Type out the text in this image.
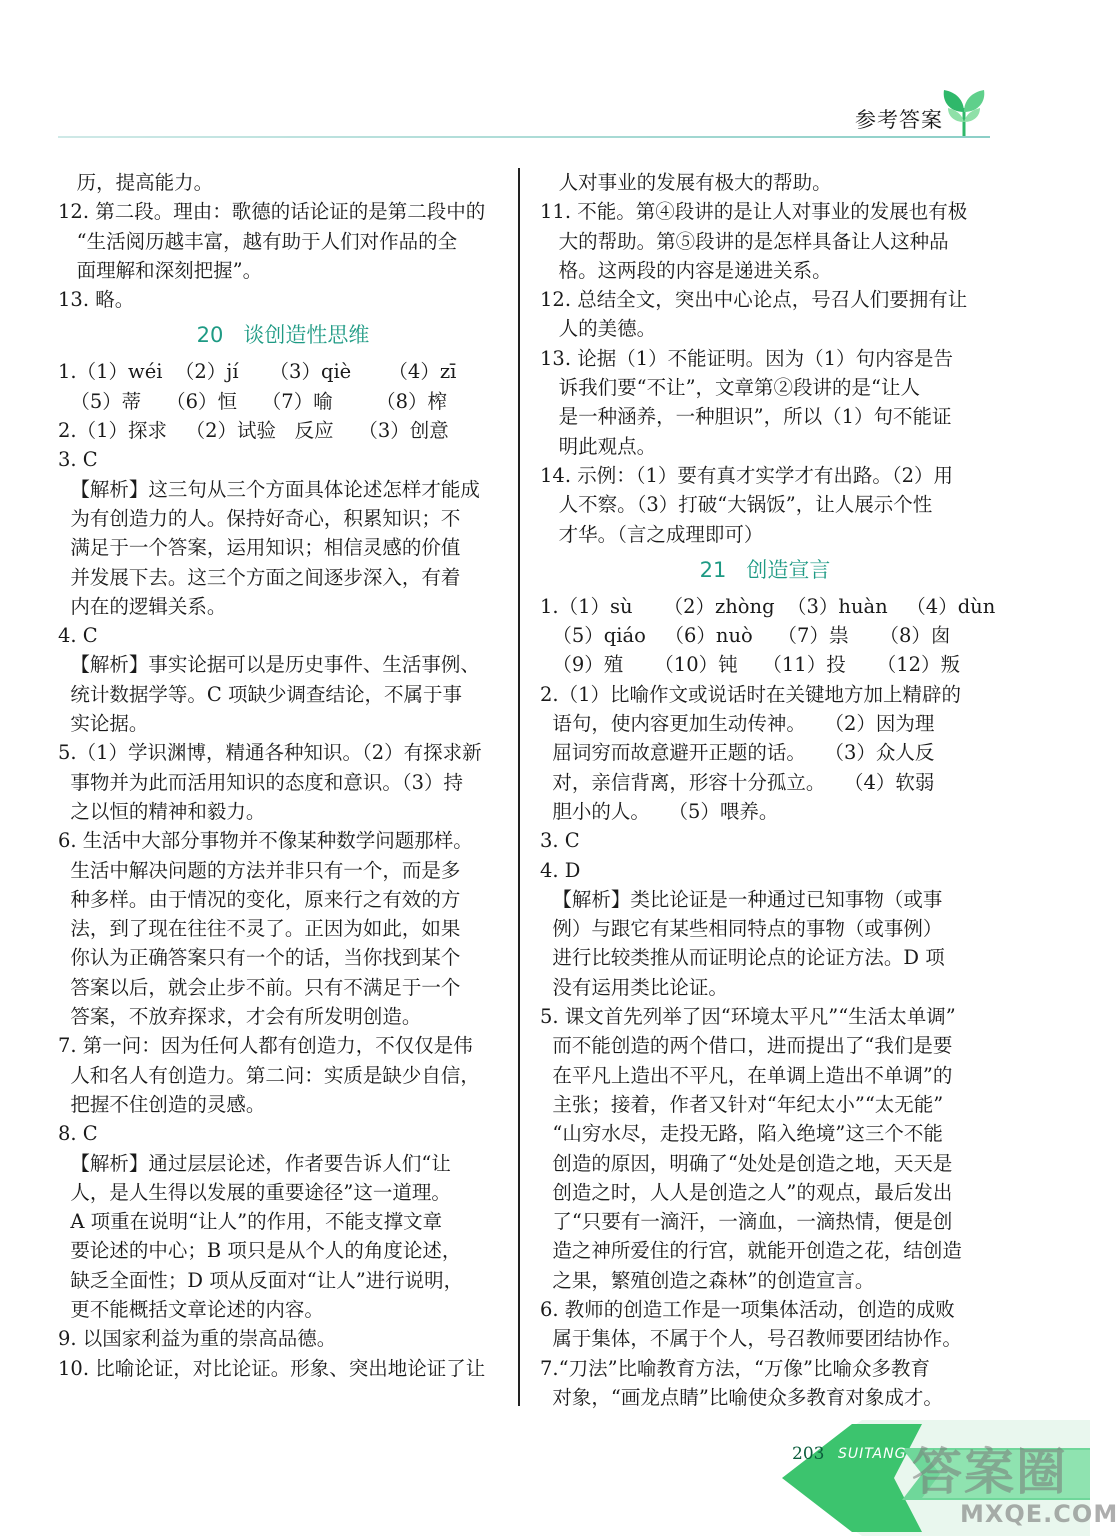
参考答案
历，提高能力。
12. 第二段。理由：歌德的话论证的是第二段中的
“生活阅历越丰富，越有助于人们对作品的全
面理解和深刻把握”。
13. 略。
20   谈创造性思维
1.（1）wéi  （2）jí     （3）qiè      （4）zī
（5）蒂    （6）恒    （7）喻       （8）榨
2.（1）探求   （2）试验   反应    （3）创意
3. C
【解析】这三句从三个方面具体论述怎样才能成
为有创造力的人。保持好奇心，积累知识；不
满足于一个答案，运用知识；相信灵感的价值
并发展下去。这三个方面之间逐步深入，有着
内在的逻辑关系。
4. C
【解析】事实论据可以是历史事件、生活事例、
统计数据学等。C 项缺少调查结论，不属于事
实论据。
5.（1）学识渊博，精通各种知识。（2）有探求新
事物并为此而活用知识的态度和意识。（3）持
之以恒的精神和毅力。
6. 生活中大部分事物并不像某种数学问题那样。
生活中解决问题的方法并非只有一个，而是多
种多样。由于情况的变化，原来行之有效的方
法，到了现在往往不灵了。正因为如此，如果
你认为正确答案只有一个的话，当你找到某个
答案以后，就会止步不前。只有不满足于一个
答案，不放弃探求，才会有所发明创造。
7. 第一问：因为任何人都有创造力，不仅仅是伟
人和名人有创造力。第二问：实质是缺少自信，
把握不住创造的灵感。
8. C
【解析】通过层层论述，作者要告诉人们“让
人，是人生得以发展的重要途径”这一道理。
A 项重在说明“让人”的作用，不能支撑文章
要论述的中心；B 项只是从个人的角度论述，
缺乏全面性；D 项从反面对“让人”进行说明，
更不能概括文章论述的内容。
9. 以国家利益为重的崇高品德。
10. 比喻论证，对比论证。形象、突出地论证了让
人对事业的发展有极大的帮助。
11. 不能。第④段讲的是让人对事业的发展也有极
大的帮助。第⑤段讲的是怎样具备让人这种品
格。这两段的内容是递进关系。
12. 总结全文，突出中心论点，号召人们要拥有让
人的美德。
13. 论据（1）不能证明。因为（1）句内容是告
诉我们要“不让”，文章第②段讲的是“让人
是一种涵养，一种胆识”，所以（1）句不能证
明此观点。
14. 示例：（1）要有真才实学才有出路。（2）用
人不察。（3）打破“大锅饭”，让人展示个性
才华。（言之成理即可）
21   创造宣言
1.（1）sù     （2）zhòng  （3）huàn   （4）dùn
（5）qiáo   （6）nuò    （7）祟     （8）囱
（9）殖     （10）钝    （11）投     （12）叛
2.（1）比喻作文或说话时在关键地方加上精辟的
语句，使内容更加生动传神。   （2）因为理
屈词穷而故意避开正题的话。   （3）众人反
对，亲信背离，形容十分孤立。   （4）软弱
胆小的人。   （5）喂养。
3. C
4. D
【解析】类比论证是一种通过已知事物（或事
例）与跟它有某些相同特点的事物（或事例）
进行比较类推从而证明论点的论证方法。D 项
没有运用类比论证。
5. 课文首先列举了因“环境太平凡”“生活太单调”
而不能创造的两个借口，进而提出了“我们是要
在平凡上造出不平凡，在单调上造出不单调”的
主张；接着，作者又针对“年纪太小”“太无能”
“山穷水尽，走投无路，陷入绝境”这三个不能
创造的原因，明确了“处处是创造之地，天天是
创造之时，人人是创造之人”的观点，最后发出
了“只要有一滴汗，一滴血，一滴热情，便是创
造之神所爱住的行宫，就能开创造之花，结创造
之果，繁殖创造之森林”的创造宣言。
6. 教师的创造工作是一项集体活动，创造的成败
属于集体，不属于个人，号召教师要团结协作。
7.“刀法”比喻教育方法，“万像”比喻众多教育
对象，“画龙点睛”比喻使众多教育对象成才。
203 SUITANG 答案圈
MXQE.COM
